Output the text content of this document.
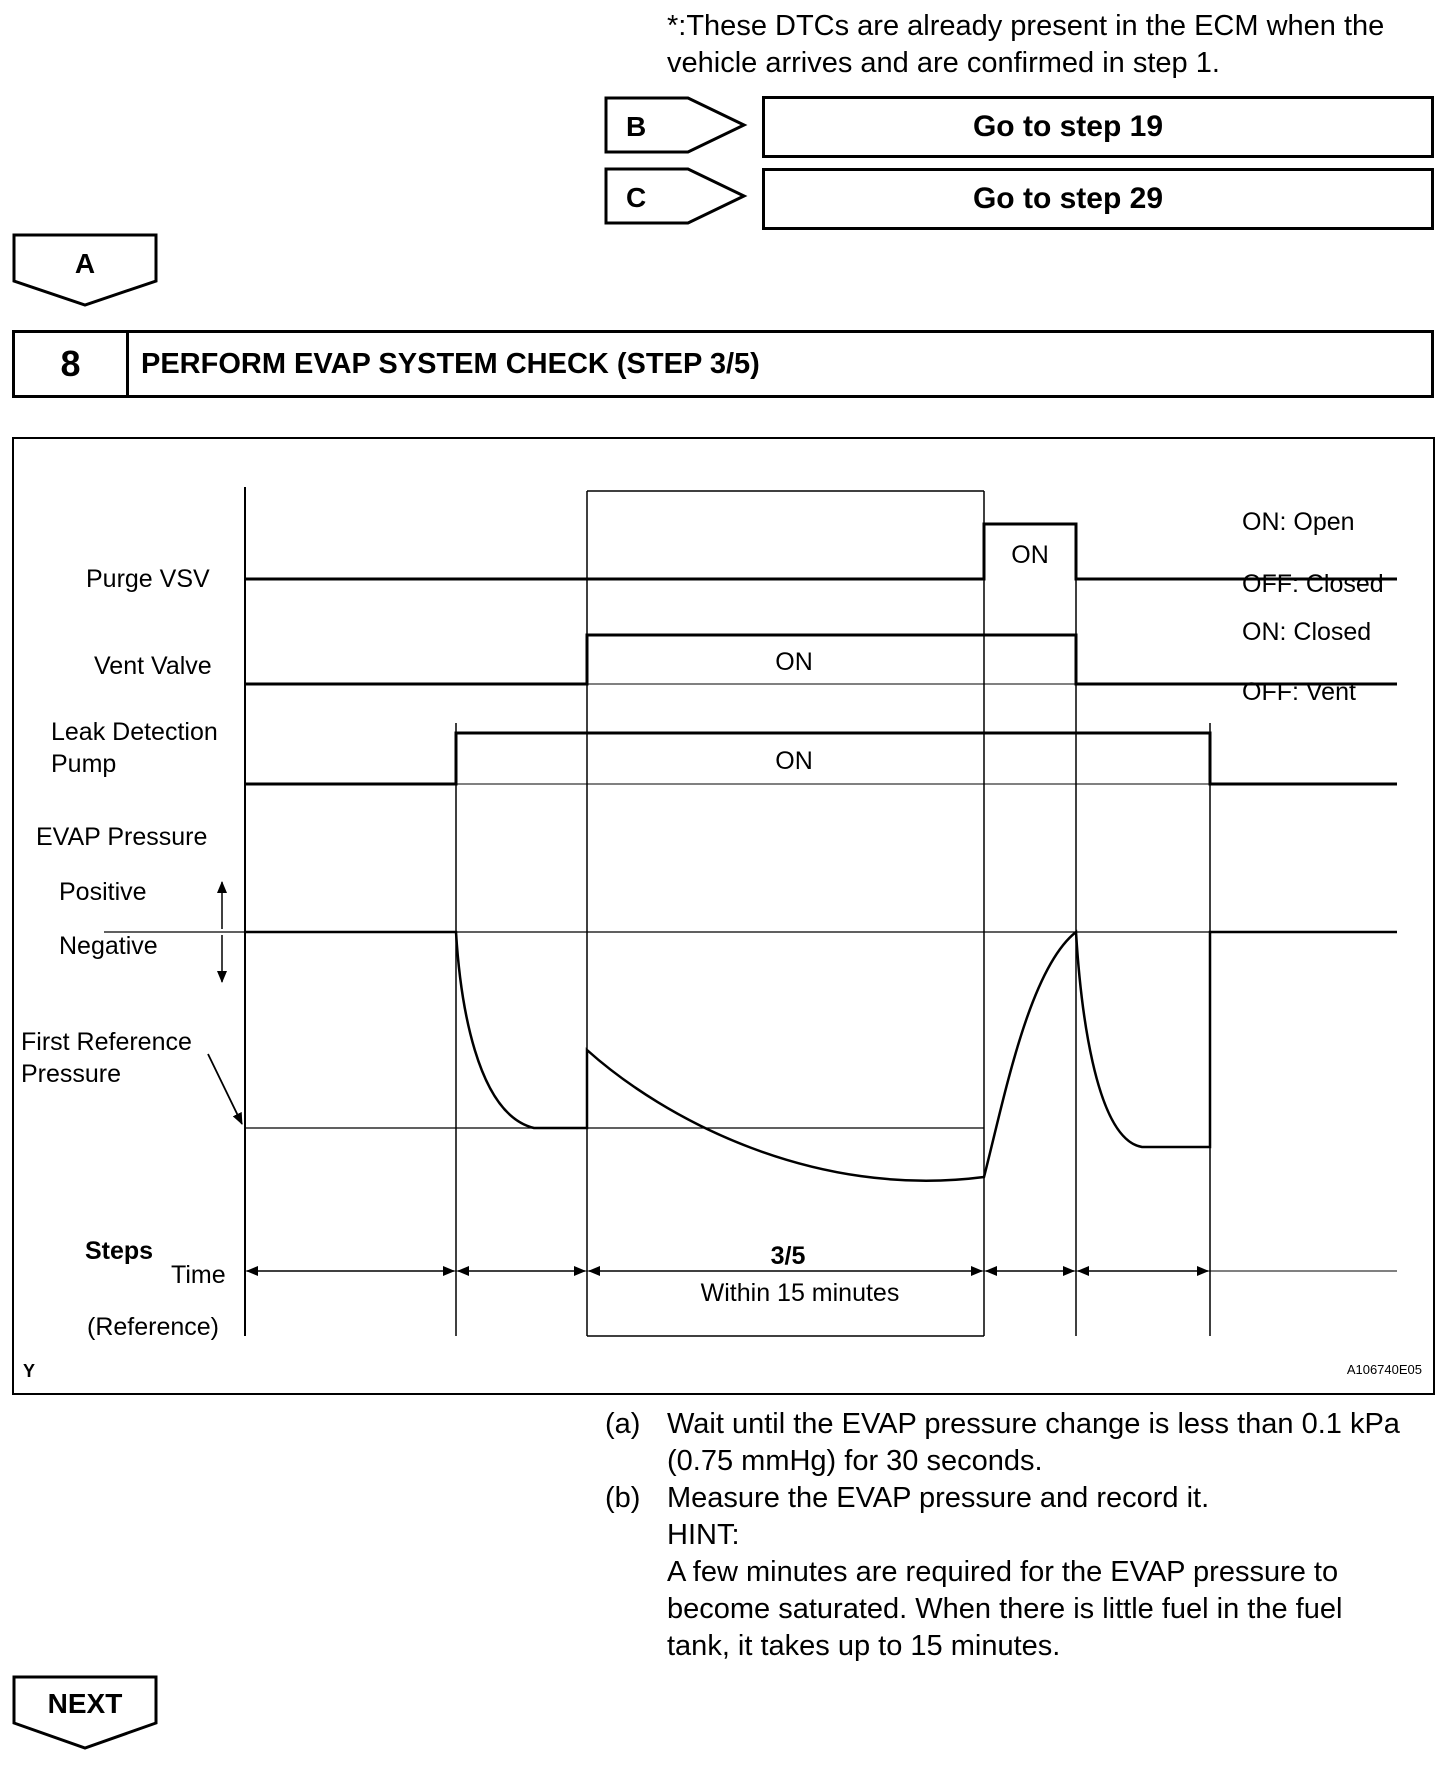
*:These DTCs are already present in the ECM when the
vehicle arrives and are confirmed in step 1.
B	Go to step 19
C	Go to step 29
A
8	PERFORM EVAP SYSTEM CHECK (STEP 3/5)
Purge VSV
Vent Valve
Leak Detection
Pump
EVAP Pressure
Positive
Negative
First Reference
Pressure
Steps
Time
(Reference)
ON: Open
OFF: Closed
ON: Closed
OFF: Vent
ON
ON
ON
3/5
Within 15 minutes
Y	A106740E05
(a) Wait until the EVAP pressure change is less than 0.1 kPa
(0.75 mmHg) for 30 seconds.
(b) Measure the EVAP pressure and record it.
HINT:
A few minutes are required for the EVAP pressure to
become saturated. When there is little fuel in the fuel
tank, it takes up to 15 minutes.
NEXT
